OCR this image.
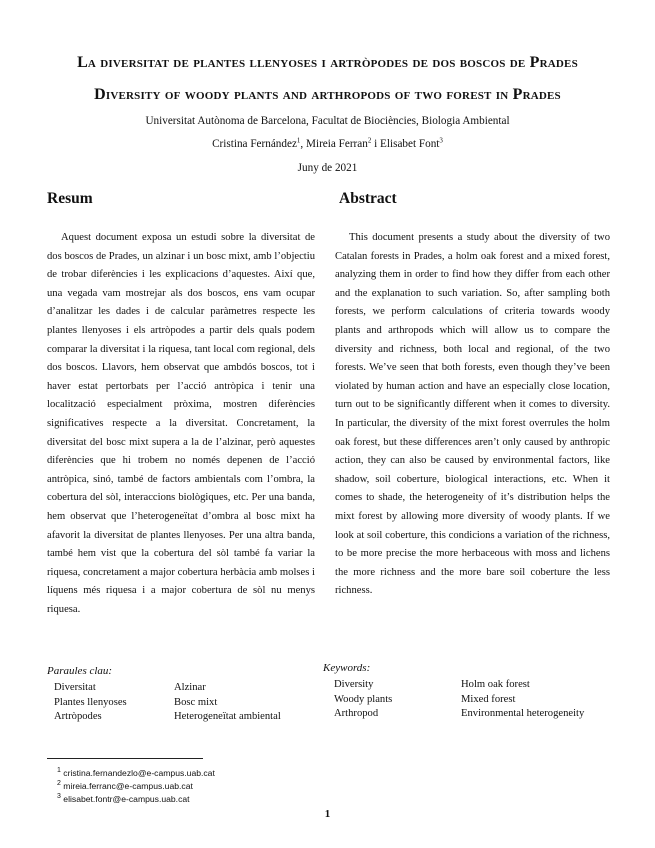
La diversitat de plantes llenyoses i artròpodes de dos boscos de Prades
Diversity of woody plants and arthropods of two forest in Prades
Universitat Autònoma de Barcelona, Facultat de Biociències, Biologia Ambiental
Cristina Fernández$^1$, Mireia Ferran$^2$ i Elisabet Font$^3$
Juny de 2021
Resum	Abstract

Aquest document exposa un estudi sobre la diversitat de dos boscos de Prades, un alzinar i un bosc mixt, amb l’objectiu de trobar diferències i les explicacions d’aquestes. Així que, una vegada vam mostrejar als dos boscos, ens vam ocupar d’analitzar les dades i de calcular paràmetres respecte les plantes llenyoses i els artròpodes a partir dels quals podem comparar la diversitat i la riquesa, tant local com regional, dels dos boscos. Llavors, hem observat que ambdós boscos, tot i haver estat pertorbats per l’acció antròpica i tenir una localització especialment pròxima, mostren diferències significatives respecte a la diversitat. Concretament, la diversitat del bosc mixt supera a la de l’alzinar, però aquestes diferències que hi trobem no només depenen de l’acció antròpica, sinó, també de factors ambientals com l’ombra, la cobertura del sòl, interaccions biològiques, etc. Per una banda, hem observat que l’heterogeneïtat d’ombra al bosc mixt ha afavorit la diversitat de plantes llenyoses. Per una altra banda, també hem vist que la cobertura del sòl també fa variar la riquesa, concretament a major cobertura herbàcia amb molses i líquens més riquesa i a major cobertura de sòl nu menys riquesa.

This document presents a study about the diversity of two Catalan forests in Prades, a holm oak forest and a mixed forest, analyzing them in order to find how they differ from each other and the explanation to such variation. So, after sampling both forests, we perform calculations of criteria towards woody plants and arthropods which will allow us to compare the diversity and richness, both local and regional, of the two forests. We’ve seen that both forests, even though they’ve been violated by human action and have an especially close location, turn out to be significantly different when it comes to diversity. In particular, the diversity of the mixt forest overrules the holm oak forest, but these differences aren’t only caused by anthropic action, they can also be caused by environmental factors, like shadow, soil coberture, biological interactions, etc. When it comes to shade, the heterogeneity of it’s distribution helps the mixt forest by allowing more diversity of woody plants. If we look at soil coberture, this condicions a variation of the richness, to be more precise the more herbaceous with moss and lichens the more richness and the more bare soil coberture the less richness.

Paraules clau:

Diversitat	Alzinar
Plantes llenyoses	Bosc mixt
Artròpodes	Heterogeneïtat ambiental

Keywords:

Diversity	Holm oak forest
Woody plants	Mixed forest
Arthropod	Environmental heterogeneity
$^1$ cristina.fernandezlo@e-campus.uab.cat
$^2$ mireia.ferranc@e-campus.uab.cat
$^3$ elisabet.fontr@e-campus.uab.cat
1
